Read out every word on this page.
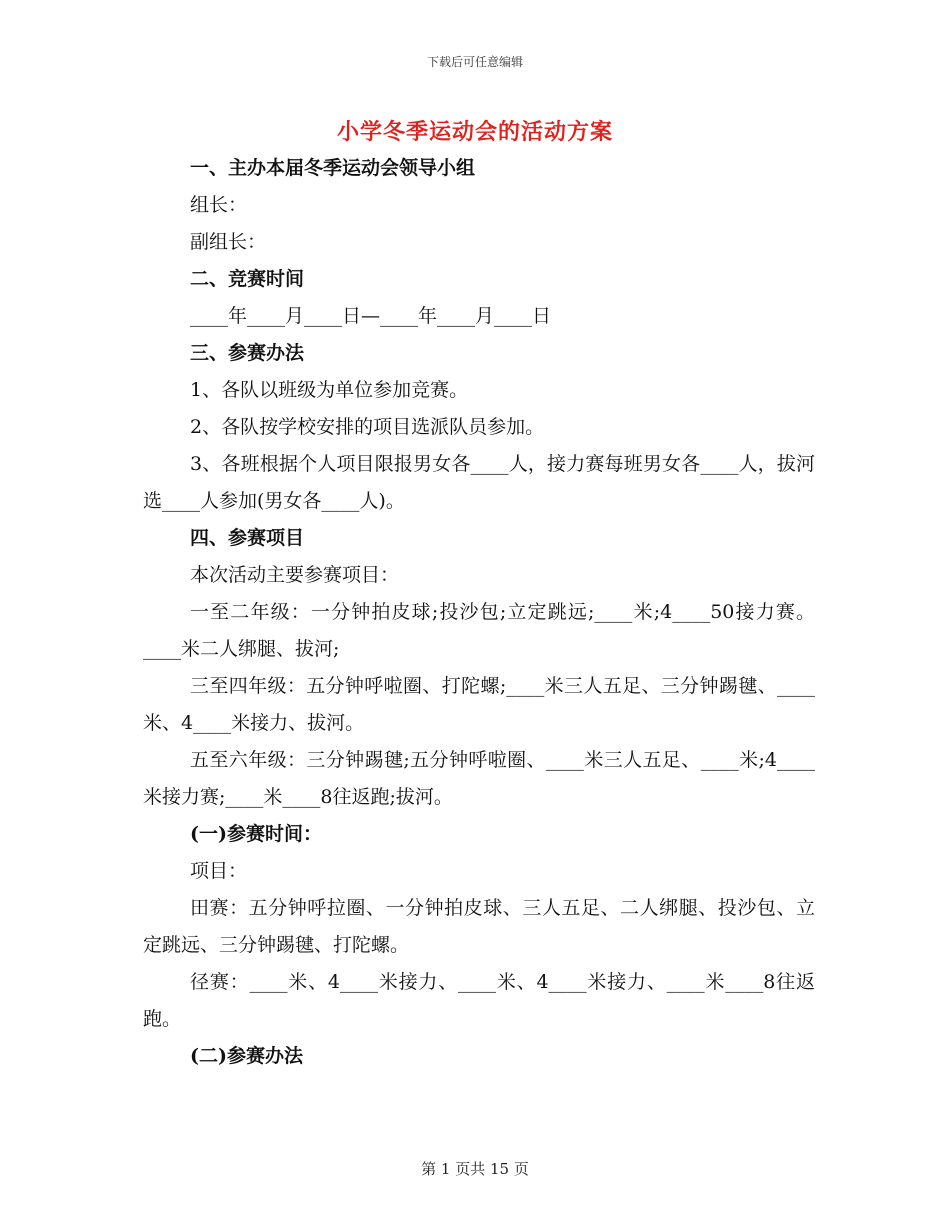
下载后可任意编辑
小学冬季运动会的活动方案

一、主办本届冬季运动会领导小组

组长：

副组长：

二、竞赛时间

____年____月____日—____年____月____日

三、参赛办法

1、各队以班级为单位参加竞赛。

2、各队按学校安排的项目选派队员参加。

3、各班根据个人项目限报男女各____人，接力赛每班男女各____人，拔河选____人参加(男女各____人)。

四、参赛项目

本次活动主要参赛项目：

一至二年级：一分钟拍皮球;投沙包;立定跳远;____米;4____50接力赛。____米二人绑腿、拔河;

三至四年级：五分钟呼啦圈、打陀螺;____米三人五足、三分钟踢毽、____米、4____米接力、拔河。

五至六年级：三分钟踢毽;五分钟呼啦圈、____米三人五足、____米;4____米接力赛;____米____8往返跑;拔河。

(一)参赛时间：

项目：

田赛：五分钟呼拉圈、一分钟拍皮球、三人五足、二人绑腿、投沙包、立定跳远、三分钟踢毽、打陀螺。

径赛：____米、4____米接力、____米、4____米接力、____米____8往返跑。

(二)参赛办法

第 1 页共 15 页
